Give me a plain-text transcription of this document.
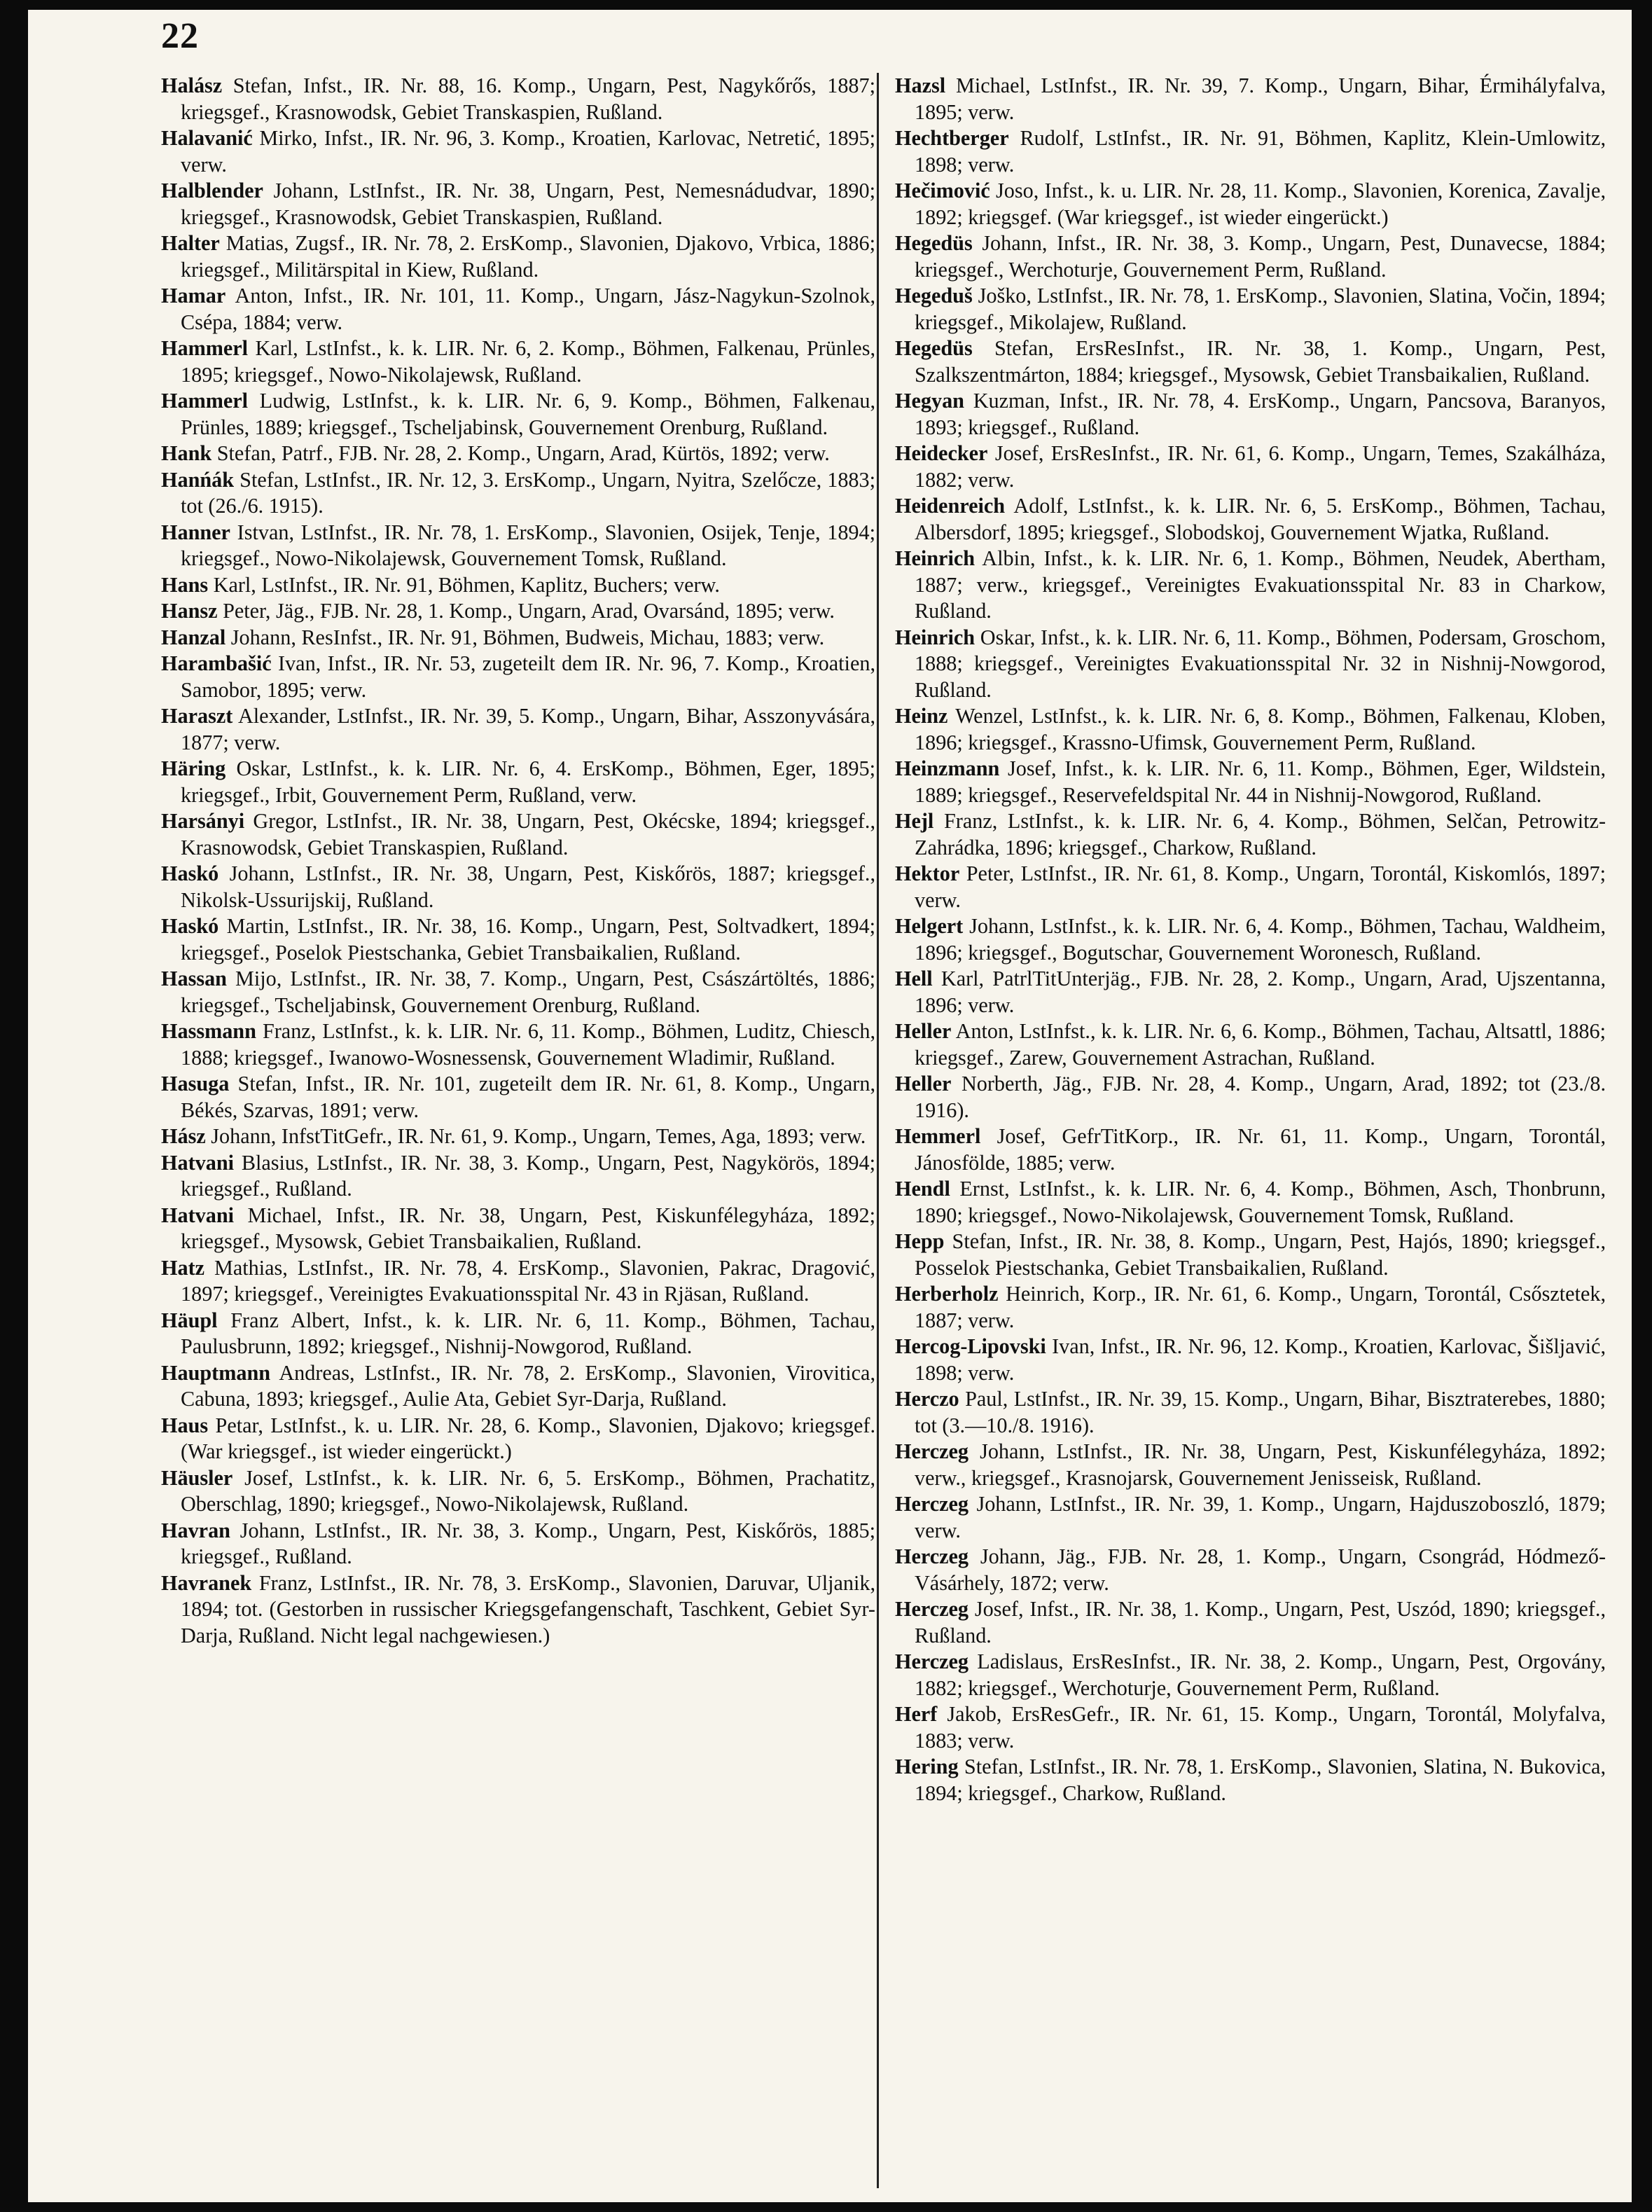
22

Halász Stefan, Infst., IR. Nr. 88, 16. Komp., Ungarn, Pest, Nagykőrős, 1887; kriegsgef., Krasnowodsk, Gebiet Transkaspien, Rußland.

Halavanić Mirko, Infst., IR. Nr. 96, 3. Komp., Kroatien, Karlovac, Netretić, 1895; verw.

Halblender Johann, LstInfst., IR. Nr. 38, Ungarn, Pest, Nemesnádudvar, 1890; kriegsgef., Krasnowodsk, Gebiet Transkaspien, Rußland.

Halter Matias, Zugsf., IR. Nr. 78, 2. ErsKomp., Slavonien, Djakovo, Vrbica, 1886; kriegsgef., Militärspital in Kiew, Rußland.

Hamar Anton, Infst., IR. Nr. 101, 11. Komp., Ungarn, Jász-Nagykun-Szolnok, Csépa, 1884; verw.

Hammerl Karl, LstInfst., k. k. LIR. Nr. 6, 2. Komp., Böhmen, Falkenau, Prünles, 1895; kriegsgef., Nowo-Nikolajewsk, Rußland.

Hammerl Ludwig, LstInfst., k. k. LIR. Nr. 6, 9. Komp., Böhmen, Falkenau, Prünles, 1889; kriegsgef., Tscheljabinsk, Gouvernement Orenburg, Rußland.

Hank Stefan, Patrf., FJB. Nr. 28, 2. Komp., Ungarn, Arad, Kürtös, 1892; verw.

Hanńák Stefan, LstInfst., IR. Nr. 12, 3. ErsKomp., Ungarn, Nyitra, Szelőcze, 1883; tot (26./6. 1915).

Hanner Istvan, LstInfst., IR. Nr. 78, 1. ErsKomp., Slavonien, Osijek, Tenje, 1894; kriegsgef., Nowo-Nikolajewsk, Gouvernement Tomsk, Rußland.

Hans Karl, LstInfst., IR. Nr. 91, Böhmen, Kaplitz, Buchers; verw.

Hansz Peter, Jäg., FJB. Nr. 28, 1. Komp., Ungarn, Arad, Ovarsánd, 1895; verw.

Hanzal Johann, ResInfst., IR. Nr. 91, Böhmen, Budweis, Michau, 1883; verw.

Harambašić Ivan, Infst., IR. Nr. 53, zugeteilt dem IR. Nr. 96, 7. Komp., Kroatien, Samobor, 1895; verw.

Haraszt Alexander, LstInfst., IR. Nr. 39, 5. Komp., Ungarn, Bihar, Asszonyvására, 1877; verw.

Häring Oskar, LstInfst., k. k. LIR. Nr. 6, 4. ErsKomp., Böhmen, Eger, 1895; kriegsgef., Irbit, Gouvernement Perm, Rußland, verw.

Harsányi Gregor, LstInfst., IR. Nr. 38, Ungarn, Pest, Okécske, 1894; kriegsgef., Krasnowodsk, Gebiet Transkaspien, Rußland.

Haskó Johann, LstInfst., IR. Nr. 38, Ungarn, Pest, Kiskőrös, 1887; kriegsgef., Nikolsk-Ussurijskij, Rußland.

Haskó Martin, LstInfst., IR. Nr. 38, 16. Komp., Ungarn, Pest, Soltvadkert, 1894; kriegsgef., Poselok Piestschanka, Gebiet Transbaikalien, Rußland.

Hassan Mijo, LstInfst., IR. Nr. 38, 7. Komp., Ungarn, Pest, Császártöltés, 1886; kriegsgef., Tscheljabinsk, Gouvernement Orenburg, Rußland.

Hassmann Franz, LstInfst., k. k. LIR. Nr. 6, 11. Komp., Böhmen, Luditz, Chiesch, 1888; kriegsgef., Iwanowo-Wosnessensk, Gouvernement Wladimir, Rußland.

Hasuga Stefan, Infst., IR. Nr. 101, zugeteilt dem IR. Nr. 61, 8. Komp., Ungarn, Békés, Szarvas, 1891; verw.

Hász Johann, InfstTitGefr., IR. Nr. 61, 9. Komp., Ungarn, Temes, Aga, 1893; verw.

Hatvani Blasius, LstInfst., IR. Nr. 38, 3. Komp., Ungarn, Pest, Nagykörös, 1894; kriegsgef., Rußland.

Hatvani Michael, Infst., IR. Nr. 38, Ungarn, Pest, Kiskunfélegyháza, 1892; kriegsgef., Mysowsk, Gebiet Transbaikalien, Rußland.

Hatz Mathias, LstInfst., IR. Nr. 78, 4. ErsKomp., Slavonien, Pakrac, Dragović, 1897; kriegsgef., Vereinigtes Evakuationsspital Nr. 43 in Rjäsan, Rußland.

Häupl Franz Albert, Infst., k. k. LIR. Nr. 6, 11. Komp., Böhmen, Tachau, Paulusbrunn, 1892; kriegsgef., Nishnij-Nowgorod, Rußland.

Hauptmann Andreas, LstInfst., IR. Nr. 78, 2. ErsKomp., Slavonien, Virovitica, Cabuna, 1893; kriegsgef., Aulie Ata, Gebiet Syr-Darja, Rußland.

Haus Petar, LstInfst., k. u. LIR. Nr. 28, 6. Komp., Slavonien, Djakovo; kriegsgef. (War kriegsgef., ist wieder eingerückt.)

Häusler Josef, LstInfst., k. k. LIR. Nr. 6, 5. ErsKomp., Böhmen, Prachatitz, Oberschlag, 1890; kriegsgef., Nowo-Nikolajewsk, Rußland.

Havran Johann, LstInfst., IR. Nr. 38, 3. Komp., Ungarn, Pest, Kiskőrös, 1885; kriegsgef., Rußland.

Havranek Franz, LstInfst., IR. Nr. 78, 3. ErsKomp., Slavonien, Daruvar, Uljanik, 1894; tot. (Gestorben in russischer Kriegsgefangenschaft, Taschkent, Gebiet Syr-Darja, Rußland. Nicht legal nachgewiesen.)

Hazsl Michael, LstInfst., IR. Nr. 39, 7. Komp., Ungarn, Bihar, Érmihályfalva, 1895; verw.

Hechtberger Rudolf, LstInfst., IR. Nr. 91, Böhmen, Kaplitz, Klein-Umlowitz, 1898; verw.

Hečimović Joso, Infst., k. u. LIR. Nr. 28, 11. Komp., Slavonien, Korenica, Zavalje, 1892; kriegsgef. (War kriegsgef., ist wieder eingerückt.)

Hegedüs Johann, Infst., IR. Nr. 38, 3. Komp., Ungarn, Pest, Dunavecse, 1884; kriegsgef., Werchoturje, Gouvernement Perm, Rußland.

Hegeduš Joško, LstInfst., IR. Nr. 78, 1. ErsKomp., Slavonien, Slatina, Vočin, 1894; kriegsgef., Mikolajew, Rußland.

Hegedüs Stefan, ErsResInfst., IR. Nr. 38, 1. Komp., Ungarn, Pest, Szalkszentmárton, 1884; kriegsgef., Mysowsk, Gebiet Transbaikalien, Rußland.

Hegyan Kuzman, Infst., IR. Nr. 78, 4. ErsKomp., Ungarn, Pancsova, Baranyos, 1893; kriegsgef., Rußland.

Heidecker Josef, ErsResInfst., IR. Nr. 61, 6. Komp., Ungarn, Temes, Szakálháza, 1882; verw.

Heidenreich Adolf, LstInfst., k. k. LIR. Nr. 6, 5. ErsKomp., Böhmen, Tachau, Albersdorf, 1895; kriegsgef., Slobodskoj, Gouvernement Wjatka, Rußland.

Heinrich Albin, Infst., k. k. LIR. Nr. 6, 1. Komp., Böhmen, Neudek, Abertham, 1887; verw., kriegsgef., Vereinigtes Evakuationsspital Nr. 83 in Charkow, Rußland.

Heinrich Oskar, Infst., k. k. LIR. Nr. 6, 11. Komp., Böhmen, Podersam, Groschom, 1888; kriegsgef., Vereinigtes Evakuationsspital Nr. 32 in Nishnij-Nowgorod, Rußland.

Heinz Wenzel, LstInfst., k. k. LIR. Nr. 6, 8. Komp., Böhmen, Falkenau, Kloben, 1896; kriegsgef., Krassno-Ufimsk, Gouvernement Perm, Rußland.

Heinzmann Josef, Infst., k. k. LIR. Nr. 6, 11. Komp., Böhmen, Eger, Wildstein, 1889; kriegsgef., Reservefeldspital Nr. 44 in Nishnij-Nowgorod, Rußland.

Hejl Franz, LstInfst., k. k. LIR. Nr. 6, 4. Komp., Böhmen, Selčan, Petrowitz-Zahrádka, 1896; kriegsgef., Charkow, Rußland.

Hektor Peter, LstInfst., IR. Nr. 61, 8. Komp., Ungarn, Torontál, Kiskomlós, 1897; verw.

Helgert Johann, LstInfst., k. k. LIR. Nr. 6, 4. Komp., Böhmen, Tachau, Waldheim, 1896; kriegsgef., Bogutschar, Gouvernement Woronesch, Rußland.

Hell Karl, PatrlTitUnterjäg., FJB. Nr. 28, 2. Komp., Ungarn, Arad, Ujszentanna, 1896; verw.

Heller Anton, LstInfst., k. k. LIR. Nr. 6, 6. Komp., Böhmen, Tachau, Altsattl, 1886; kriegsgef., Zarew, Gouvernement Astrachan, Rußland.

Heller Norberth, Jäg., FJB. Nr. 28, 4. Komp., Ungarn, Arad, 1892; tot (23./8. 1916).

Hemmerl Josef, GefrTitKorp., IR. Nr. 61, 11. Komp., Ungarn, Torontál, Jánosfölde, 1885; verw.

Hendl Ernst, LstInfst., k. k. LIR. Nr. 6, 4. Komp., Böhmen, Asch, Thonbrunn, 1890; kriegsgef., Nowo-Nikolajewsk, Gouvernement Tomsk, Rußland.

Hepp Stefan, Infst., IR. Nr. 38, 8. Komp., Ungarn, Pest, Hajós, 1890; kriegsgef., Posselok Piestschanka, Gebiet Transbaikalien, Rußland.

Herberholz Heinrich, Korp., IR. Nr. 61, 6. Komp., Ungarn, Torontál, Csősztetek, 1887; verw.

Hercog-Lipovski Ivan, Infst., IR. Nr. 96, 12. Komp., Kroatien, Karlovac, Šišljavić, 1898; verw.

Herczo Paul, LstInfst., IR. Nr. 39, 15. Komp., Ungarn, Bihar, Bisztraterebes, 1880; tot (3.—10./8. 1916).

Herczeg Johann, LstInfst., IR. Nr. 38, Ungarn, Pest, Kiskunfélegyháza, 1892; verw., kriegsgef., Krasnojarsk, Gouvernement Jenisseisk, Rußland.

Herczeg Johann, LstInfst., IR. Nr. 39, 1. Komp., Ungarn, Hajduszoboszló, 1879; verw.

Herczeg Johann, Jäg., FJB. Nr. 28, 1. Komp., Ungarn, Csongrád, Hódmező-Vásárhely, 1872; verw.

Herczeg Josef, Infst., IR. Nr. 38, 1. Komp., Ungarn, Pest, Uszód, 1890; kriegsgef., Rußland.

Herczeg Ladislaus, ErsResInfst., IR. Nr. 38, 2. Komp., Ungarn, Pest, Orgovány, 1882; kriegsgef., Werchoturje, Gouvernement Perm, Rußland.

Herf Jakob, ErsResGefr., IR. Nr. 61, 15. Komp., Ungarn, Torontál, Molyfalva, 1883; verw.

Hering Stefan, LstInfst., IR. Nr. 78, 1. ErsKomp., Slavonien, Slatina, N. Bukovica, 1894; kriegsgef., Charkow, Rußland.
